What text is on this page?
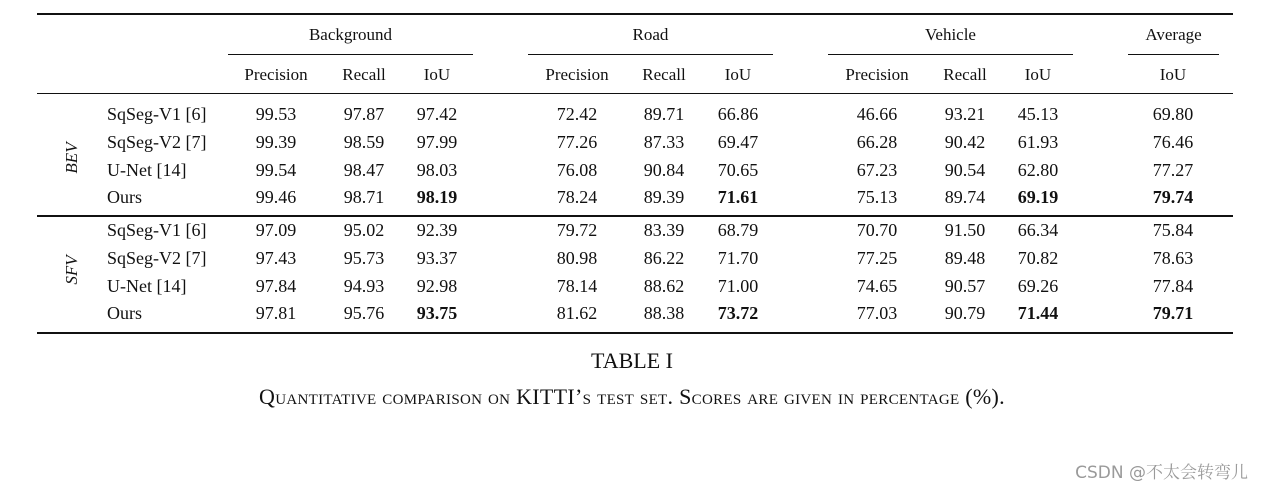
Background	Road	Vehicle	Average
Precision	Recall	IoU	Precision	Recall	IoU	Precision	Recall	IoU	IoU
BEV
SqSeg-V1 [6]	99.53	97.87	97.42	72.42	89.71	66.86	46.66	93.21	45.13	69.80
SqSeg-V2 [7]	99.39	98.59	97.99	77.26	87.33	69.47	66.28	90.42	61.93	76.46
U-Net [14]	99.54	98.47	98.03	76.08	90.84	70.65	67.23	90.54	62.80	77.27
Ours	99.46	98.71	98.19	78.24	89.39	71.61	75.13	89.74	69.19	79.74
SFV
SqSeg-V1 [6]	97.09	95.02	92.39	79.72	83.39	68.79	70.70	91.50	66.34	75.84
SqSeg-V2 [7]	97.43	95.73	93.37	80.98	86.22	71.70	77.25	89.48	70.82	78.63
U-Net [14]	97.84	94.93	92.98	78.14	88.62	71.00	74.65	90.57	69.26	77.84
Ours	97.81	95.76	93.75	81.62	88.38	73.72	77.03	90.79	71.44	79.71
TABLE I
Quantitative comparison on KITTI’s test set. Scores are given in percentage (%).
CSDN @不太会转弯儿
